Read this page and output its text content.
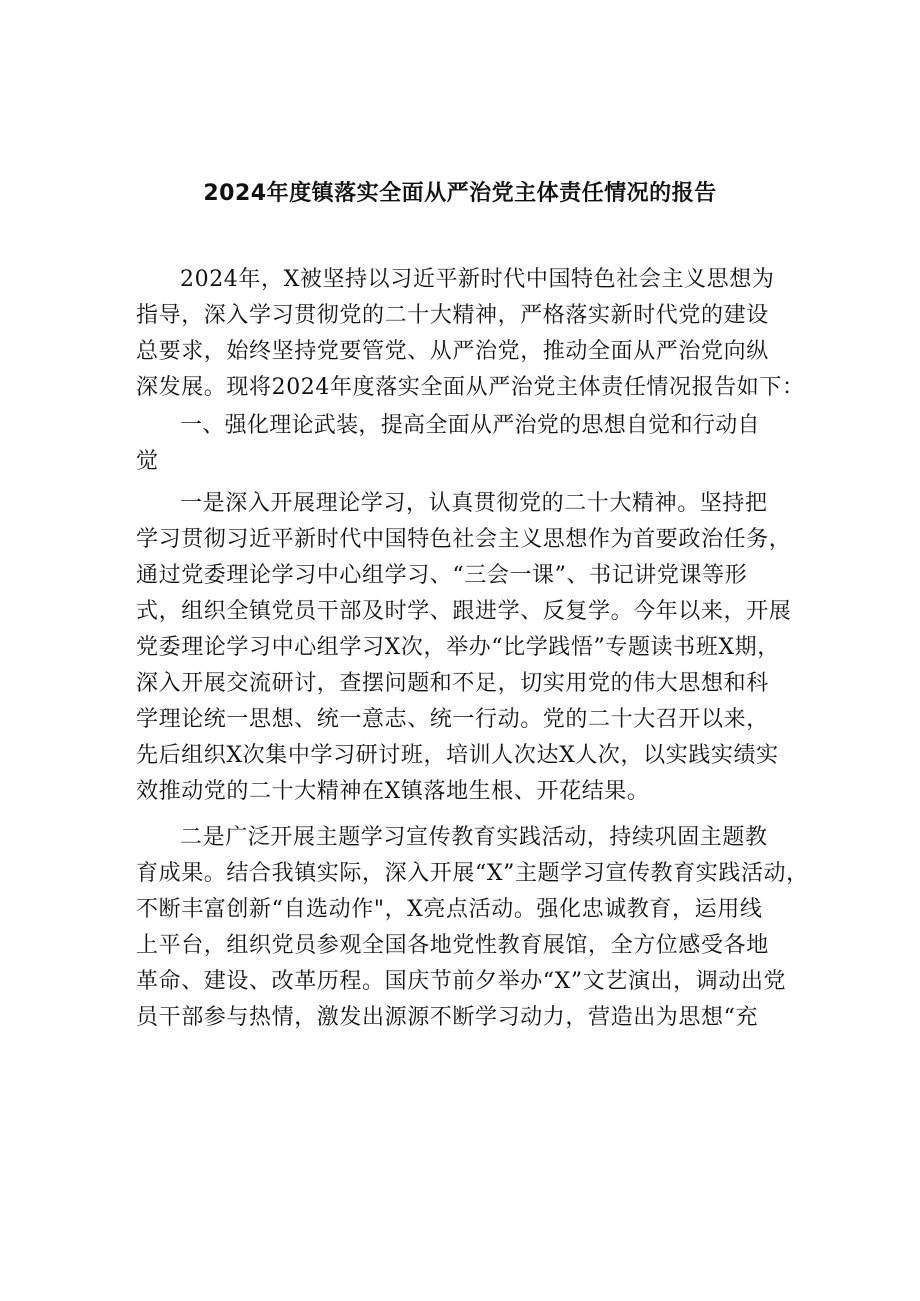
2024年度镇落实全面从严治党主体责任情况的报告
2024年，X被坚持以习近平新时代中国特色社会主义思想为
指导，深入学习贯彻党的二十大精神，严格落实新时代党的建设
总要求，始终坚持党要管党、从严治党，推动全面从严治党向纵
深发展。现将2024年度落实全面从严治党主体责任情况报告如下：
一、强化理论武装，提高全面从严治党的思想自觉和行动自
觉
一是深入开展理论学习，认真贯彻党的二十大精神。坚持把
学习贯彻习近平新时代中国特色社会主义思想作为首要政治任务，
通过党委理论学习中心组学习、“三会一课”、书记讲党课等形
式，组织全镇党员干部及时学、跟进学、反复学。今年以来，开展
党委理论学习中心组学习X次，举办“比学践悟”专题读书班X期，
深入开展交流研讨，查摆问题和不足，切实用党的伟大思想和科
学理论统一思想、统一意志、统一行动。党的二十大召开以来，
先后组织X次集中学习研讨班，培训人次达X人次，以实践实绩实
效推动党的二十大精神在X镇落地生根、开花结果。
二是广泛开展主题学习宣传教育实践活动，持续巩固主题教
育成果。结合我镇实际，深入开展“X”主题学习宣传教育实践活动，
不断丰富创新“自选动作"，X亮点活动。强化忠诚教育，运用线
上平台，组织党员参观全国各地党性教育展馆，全方位感受各地
革命、建设、改革历程。国庆节前夕举办“X”文艺演出，调动出党
员干部参与热情，激发出源源不断学习动力，营造出为思想“充
